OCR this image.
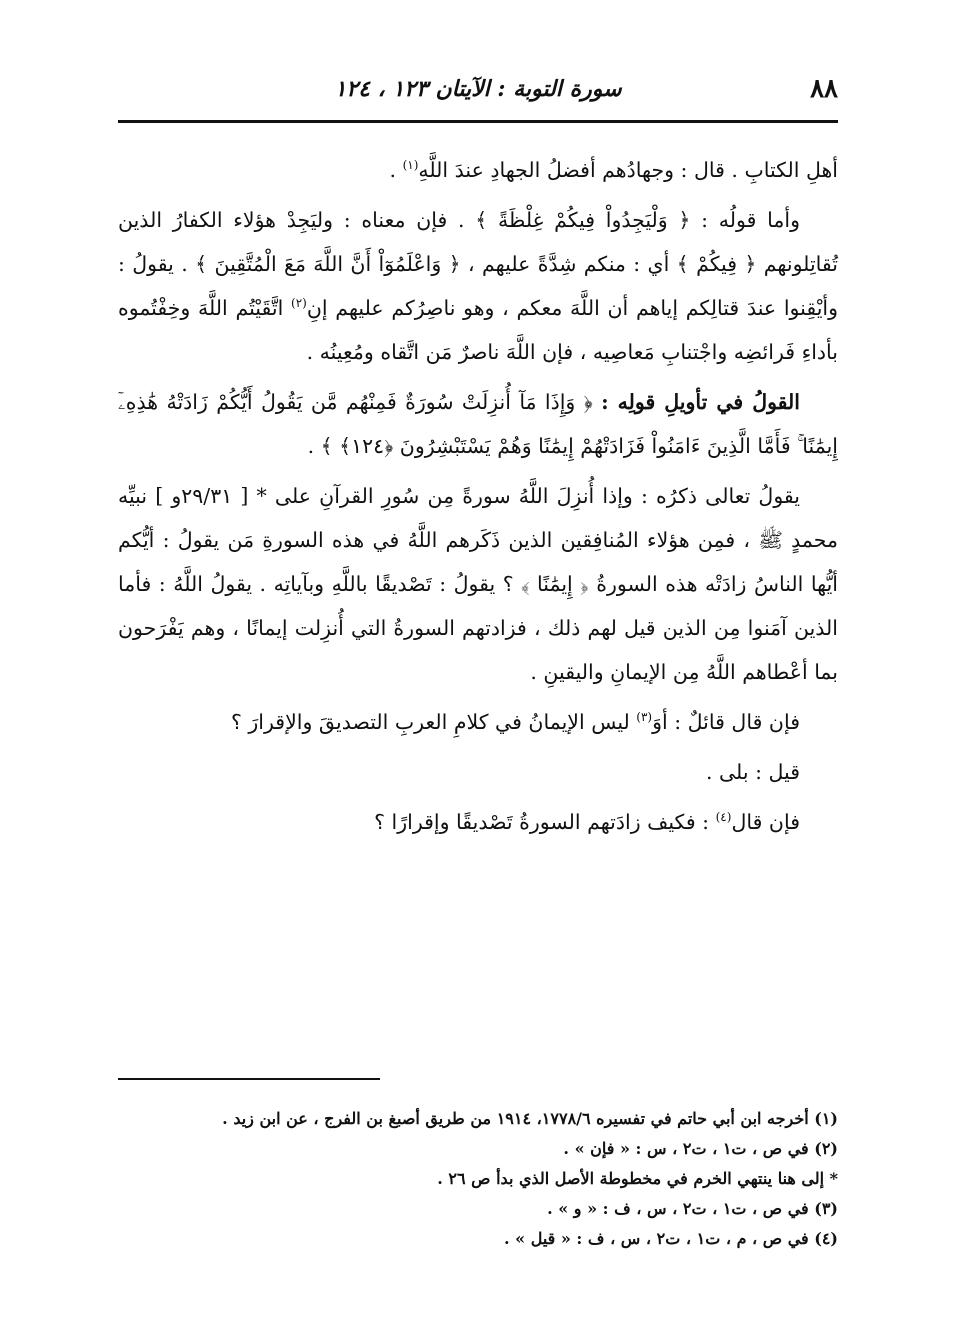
٨٨
سورة التوبة : الآيتان ١٢٣ ، ١٢٤

أهلِ الكتابِ . قال : وجهادُهم أفضلُ الجهادِ عندَ اللَّهِ$^{(١)}$ .

وأما قولُه : ﴿ وَلْيَجِدُواْ فِيكُمْ غِلْظَةً ﴾ . فإن معناه : وليَجِدْ هؤلاء الكفارُ الذين تُقاتِلونهم ﴿ فِيكُمْ ﴾ أي : منكم شِدَّةً عليهم ، ﴿ وَاعْلَمُوٓاْ أَنَّ اللَّهَ مَعَ الْمُتَّقِينَ ﴾ . يقولُ : وأيْقِنوا عندَ قتالِكم إياهم أن اللَّهَ معكم ، وهو ناصِرُكم عليهم إنِ$^{(٢)}$ اتَّقَيْتُم اللَّهَ وخِفْتُموه بأداءِ فَرائضِه واجْتنابِ مَعاصِيه ، فإن اللَّهَ ناصرٌ مَن اتَّقاه ومُعِينُه .

القولُ في تأويلِ قولِه : ﴿ وَإِذَا مَآ أُنزِلَتْ سُورَةٌ فَمِنْهُم مَّن يَقُولُ أَيُّكُمْ زَادَتْهُ هَٰذِهِۦٓ إِيمَٰنًا ۚ فَأَمَّا الَّذِينَ ءَامَنُواْ فَزَادَتْهُمْ إِيمَٰنًا وَهُمْ يَسْتَبْشِرُونَ ﴿١٢٤﴾ ﴾ .

يقولُ تعالى ذكرُه : وإذا أُنزِلَ اللَّهُ سورةً مِن سُورِ القرآنِ على * [ ٢٩/٣١و ] نبيِّه محمدٍ ﷺ ، فمِن هؤلاء المُنافِقين الذين ذَكَرهم اللَّهُ في هذه السورةِ مَن يقولُ : أيُّكم أيُّها الناسُ زادَتْه هذه السورةُ ﴿ إِيمَٰنًا ﴾ ؟ يقولُ : تَصْديقًا باللَّهِ وبآياتِه . يقولُ اللَّهُ : فأما الذين آمَنوا مِن الذين قيل لهم ذلك ، فزادتهم السورةُ التي أُنزِلت إيمانًا ، وهم يَفْرَحون بما أعْطاهم اللَّهُ مِن الإيمانِ واليقينِ .

فإن قال قائلٌ : أوَ$^{(٣)}$ ليس الإيمانُ في كلامِ العربِ التصديقَ والإقرارَ ؟

قيل : بلى .

فإن قال$^{(٤)}$ : فكيف زادَتهم السورةُ تَصْديقًا وإقرارًا ؟

(١) أخرجه ابن أبي حاتم في تفسيره ١٧٧٨/٦، ١٩١٤ من طريق أصبغ بن الفرج ، عن ابن زيد .
(٢) في ص ، ت١ ، ت٢ ، س : « فإن » .
* إلى هنا ينتهي الخرم في مخطوطة الأصل الذي بدأ ص ٢٦ .
(٣) في ص ، ت١ ، ت٢ ، س ، ف : « و » .
(٤) في ص ، م ، ت١ ، ت٢ ، س ، ف : « قيل » .
